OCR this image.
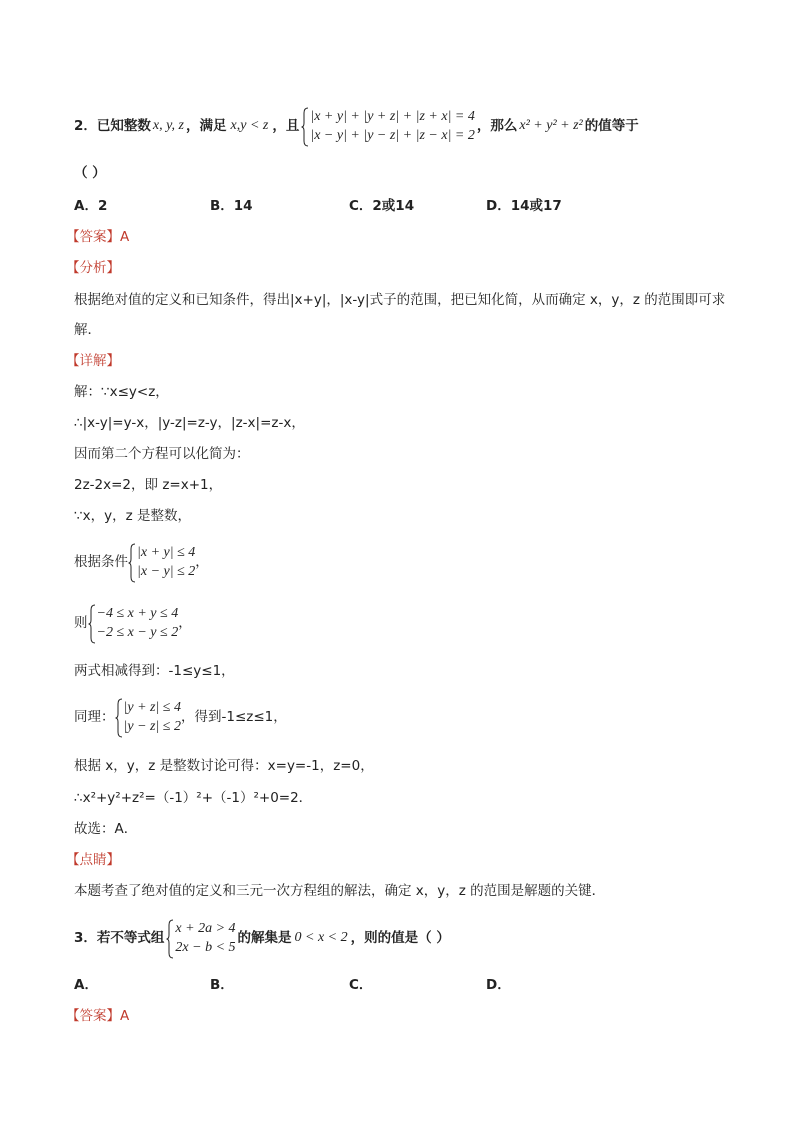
2． 已知整数 x, y, z ，满足 x , y < z ，且
|x + y| + |y + z| + |z + x| = 4
|x − y| + |y − z| + |z − x| = 2
，那么 x² + y² + z² 的值等于
（ ）
A．2	B．14	C．2或14	D．14或17
【答案】A
【分析】
根据绝对值的定义和已知条件，得出|x+y|，|x-y|式子的范围，把已知化简，从而确定 x，y，z 的范围即可求
解．
【详解】
解：∵x≤y<z，
∴|x-y|=y-x，|y-z|=z-y，|z-x|=z-x，
因而第二个方程可以化简为：
2z-2x=2，即 z=x+1，
∵x，y，z 是整数，
根据条件
|x + y| ≤ 4
|x − y| ≤ 2
，
则
−4 ≤ x + y ≤ 4
−2 ≤ x − y ≤ 2
，
两式相减得到：-1≤y≤1，
同理：
|y + z| ≤ 4
|y − z| ≤ 2
，得到-1≤z≤1，
根据 x，y，z 是整数讨论可得：x=y=-1，z=0，
∴x²+y²+z²=（-1）²+（-1）²+0=2．
故选：A．
【点睛】
本题考查了绝对值的定义和三元一次方程组的解法，确定 x，y，z 的范围是解题的关键．
3． 若不等式组
x + 2a > 4
2x − b < 5
的解集是 0 < x < 2 ，则的值是（ ）
A．	B．	C．	D．
【答案】A
